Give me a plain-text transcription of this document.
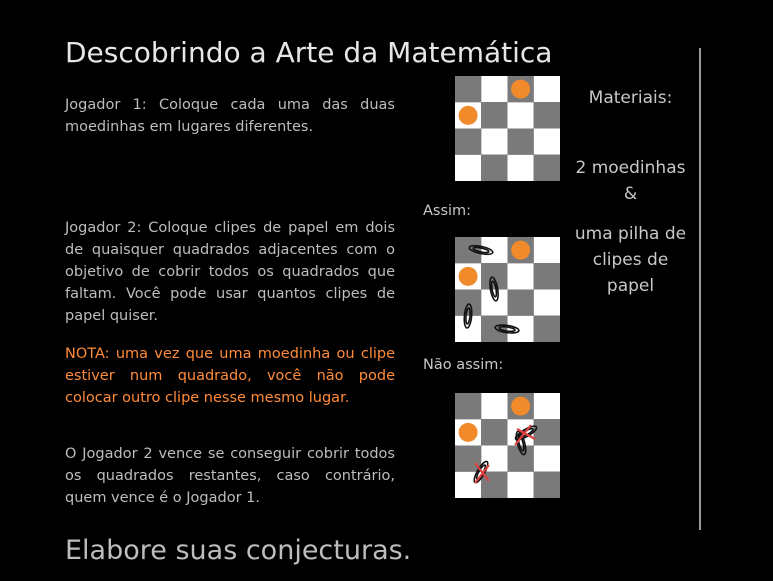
Descobrindo a Arte da Matemática
Jogador 1: Coloque cada uma das duas moedinhas em lugares diferentes.
Jogador 2: Coloque clipes de papel em dois de quaisquer quadrados adjacentes com o objetivo de cobrir todos os quadrados que faltam. Você pode usar quantos clipes de papel quiser.
NOTA: uma vez que uma moedinha ou clipe estiver num quadrado, você não pode colocar outro clipe nesse mesmo lugar.
O Jogador 2 vence se conseguir cobrir todos os quadrados restantes, caso contrário, quem vence é o Jogador 1.
Elabore suas conjecturas.
Assim:
Não assim:
Materiais:
2 moedinhas
&
uma pilha de clipes de papel
